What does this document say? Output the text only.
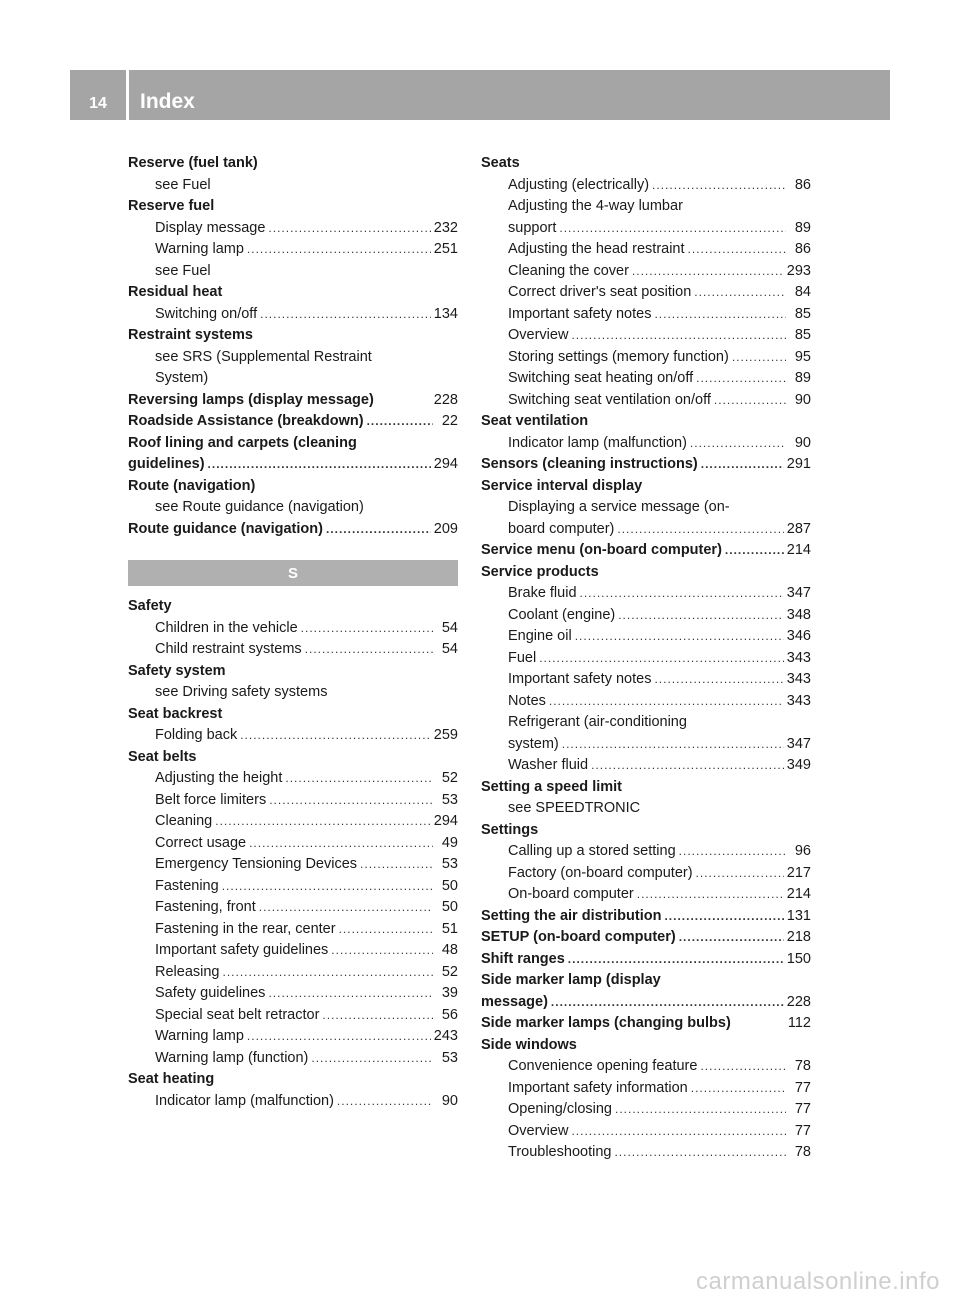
14	Index
Reserve (fuel tank)
see Fuel
Reserve fuel
Display message .....	232
Warning lamp .....	251
see Fuel
Residual heat
Switching on/off .....	134
Restraint systems
see SRS (Supplemental Restraint System)
Reversing lamps (display message)	228
Roadside Assistance (breakdown) .....	22
Roof lining and carpets (cleaning
guidelines) .....	294
Route (navigation)
see Route guidance (navigation)
Route guidance (navigation) .....	209
S
Safety
Children in the vehicle .....	54
Child restraint systems .....	54
Safety system
see Driving safety systems
Seat backrest
Folding back .....	259
Seat belts
Adjusting the height .....	52
Belt force limiters .....	53
Cleaning .....	294
Correct usage .....	49
Emergency Tensioning Devices .....	53
Fastening .....	50
Fastening, front .....	50
Fastening in the rear, center .....	51
Important safety guidelines .....	48
Releasing .....	52
Safety guidelines .....	39
Special seat belt retractor .....	56
Warning lamp .....	243
Warning lamp (function) .....	53
Seat heating
Indicator lamp (malfunction) .....	90
Seats
Adjusting (electrically) .....	86
Adjusting the 4-way lumbar
support .....	89
Adjusting the head restraint .....	86
Cleaning the cover .....	293
Correct driver's seat position .....	84
Important safety notes .....	85
Overview .....	85
Storing settings (memory function) .....	95
Switching seat heating on/off .....	89
Switching seat ventilation on/off .....	90
Seat ventilation
Indicator lamp (malfunction) .....	90
Sensors (cleaning instructions) .....	291
Service interval display
Displaying a service message (on-
board computer) .....	287
Service menu (on-board computer) .....	214
Service products
Brake fluid .....	347
Coolant (engine) .....	348
Engine oil .....	346
Fuel .....	343
Important safety notes .....	343
Notes .....	343
Refrigerant (air-conditioning
system) .....	347
Washer fluid .....	349
Setting a speed limit
see SPEEDTRONIC
Settings
Calling up a stored setting .....	96
Factory (on-board computer) .....	217
On-board computer .....	214
Setting the air distribution .....	131
SETUP (on-board computer) .....	218
Shift ranges .....	150
Side marker lamp (display
message) .....	228
Side marker lamps (changing bulbs)	112
Side windows
Convenience opening feature .....	78
Important safety information .....	77
Opening/closing .....	77
Overview .....	77
Troubleshooting .....	78
carmanualsonline.info
